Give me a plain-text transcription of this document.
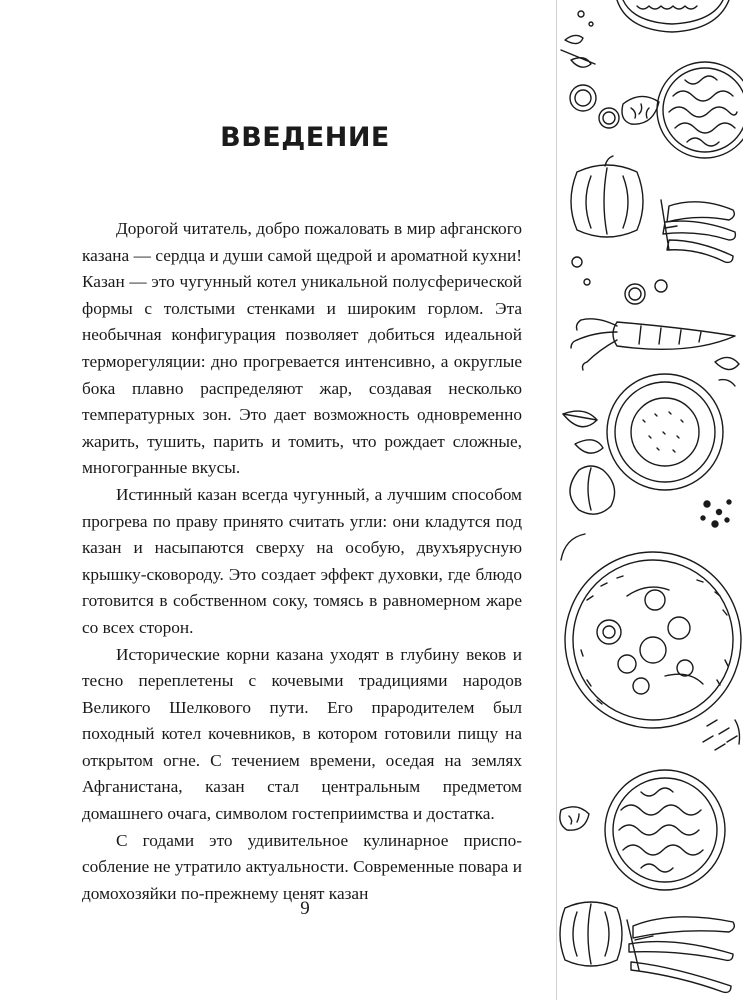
ВВЕДЕНИЕ

Дорогой читатель, добро пожаловать в мир афганского казана — сердца и души самой щедрой и ароматной кухни! Казан — это чугунный котел уникальной полусферической формы с толстыми стенками и широким горлом. Эта необычная конфигурация позволяет добиться идеальной терморегуляции: дно прогревается интенсивно, а округлые бока плавно распределяют жар, создавая несколько температурных зон. Это дает возможность одновременно жарить, тушить, парить и томить, что рождает сложные, многогранные вкусы.

Истинный казан всегда чугунный, а лучшим способом прогрева по праву принято считать угли: они кладутся под казан и насыпаются сверху на особую, двухъярусную крышку-сковороду. Это создает эффект духовки, где блюдо готовится в собственном соку, томясь в равномерном жаре со всех сторон.

Исторические корни казана уходят в глубину веков и тесно переплетены с кочевыми традициями народов Великого Шелкового пути. Его прародителем был походный котел кочевников, в котором готовили пищу на открытом огне. С течением времени, оседая на землях Афганистана, казан стал центральным предметом домашнего очага, символом гостеприимства и достатка.

С годами это удивительное кулинарное приспособление не утратило актуальности. Современные повара и домохозяйки по-прежнему ценят казан

9
